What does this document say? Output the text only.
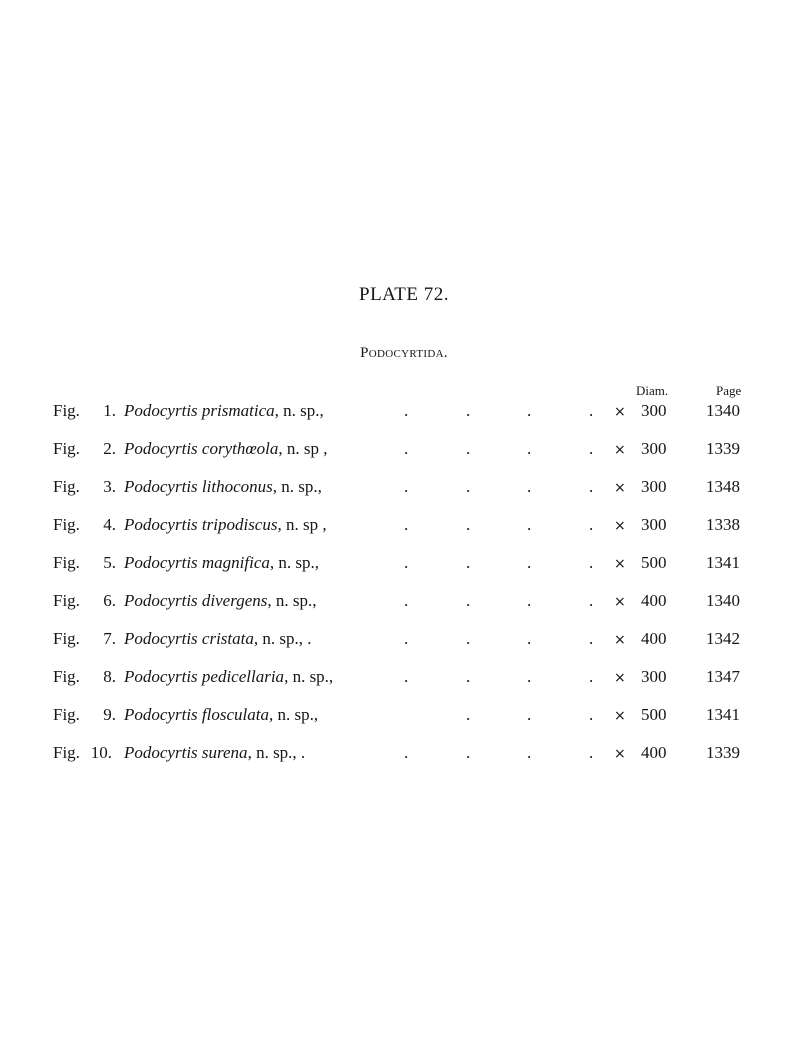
PLATE 72.
Podocyrtida.
Diam.	Page
Fig.	1. Podocyrtis prismatica, n. sp.,	.	.	.	. × 300 1340
Fig.	2. Podocyrtis corythœola, n. sp ,	.	.	.	. × 300 1339
Fig.	3. Podocyrtis lithoconus, n. sp.,	.	.	.	. × 300 1348
Fig.	4. Podocyrtis tripodiscus, n. sp ,	.	.	.	. × 300 1338
Fig.	5. Podocyrtis magnifica, n. sp.,	.	.	.	. × 500 1341
Fig.	6. Podocyrtis divergens, n. sp.,	.	.	.	. × 400 1340
Fig.	7. Podocyrtis cristata, n. sp., .	.	.	.	. × 400 1342
Fig.	8. Podocyrtis pedicellaria, n. sp.,	.	.	.	. × 300 1347
Fig.	9. Podocyrtis flosculata, n. sp.,	.	.	. × 500 1341
Fig. 10. Podocyrtis surena, n. sp., .	.	.	.	. × 400 1339
